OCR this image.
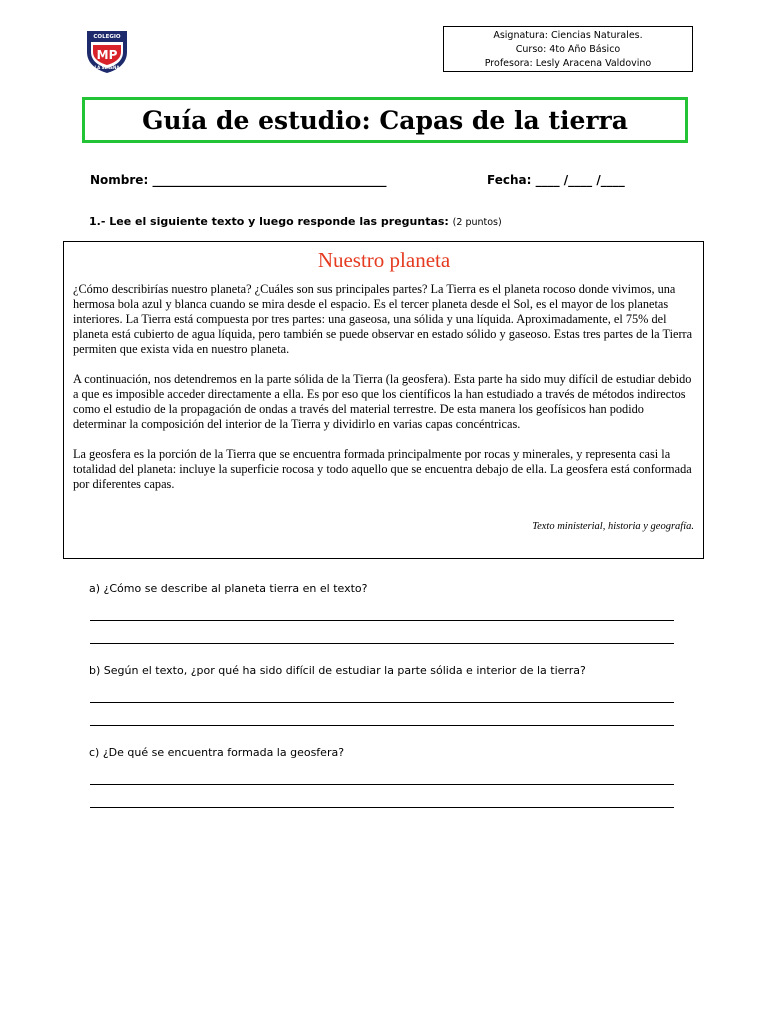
COLEGIO
MP
LA SERENA
Asignatura: Ciencias Naturales.
Curso: 4to Año Básico
Profesora: Lesly Aracena Valdovino
Guía de estudio: Capas de la tierra
Nombre: _______________________________________	Fecha: ____ /____ /____
1.- Lee el siguiente texto y luego responde las preguntas: (2 puntos)
Nuestro planeta

¿Cómo describirías nuestro planeta? ¿Cuáles son sus principales partes? La Tierra es el planeta rocoso donde vivimos, una hermosa bola azul y blanca cuando se mira desde el espacio. Es el tercer planeta desde el Sol, es el mayor de los planetas interiores. La Tierra está compuesta por tres partes: una gaseosa, una sólida y una líquida. Aproximadamente, el 75% del planeta está cubierto de agua líquida, pero también se puede observar en estado sólido y gaseoso. Estas tres partes de la Tierra permiten que exista vida en nuestro planeta.

A continuación, nos detendremos en la parte sólida de la Tierra (la geosfera). Esta parte ha sido muy difícil de estudiar debido a que es imposible acceder directamente a ella. Es por eso que los científicos la han estudiado a través de métodos indirectos como el estudio de la propagación de ondas a través del material terrestre. De esta manera los geofísicos han podido determinar la composición del interior de la Tierra y dividirlo en varias capas concéntricas.

La geosfera es la porción de la Tierra que se encuentra formada principalmente por rocas y minerales, y representa casi la totalidad del planeta: incluye la superficie rocosa y todo aquello que se encuentra debajo de ella. La geosfera está conformada por diferentes capas.

Texto ministerial, historia y geografía.
a) ¿Cómo se describe al planeta tierra en el texto?
b) Según el texto, ¿por qué ha sido difícil de estudiar la parte sólida e interior de la tierra?
c) ¿De qué se encuentra formada la geosfera?
